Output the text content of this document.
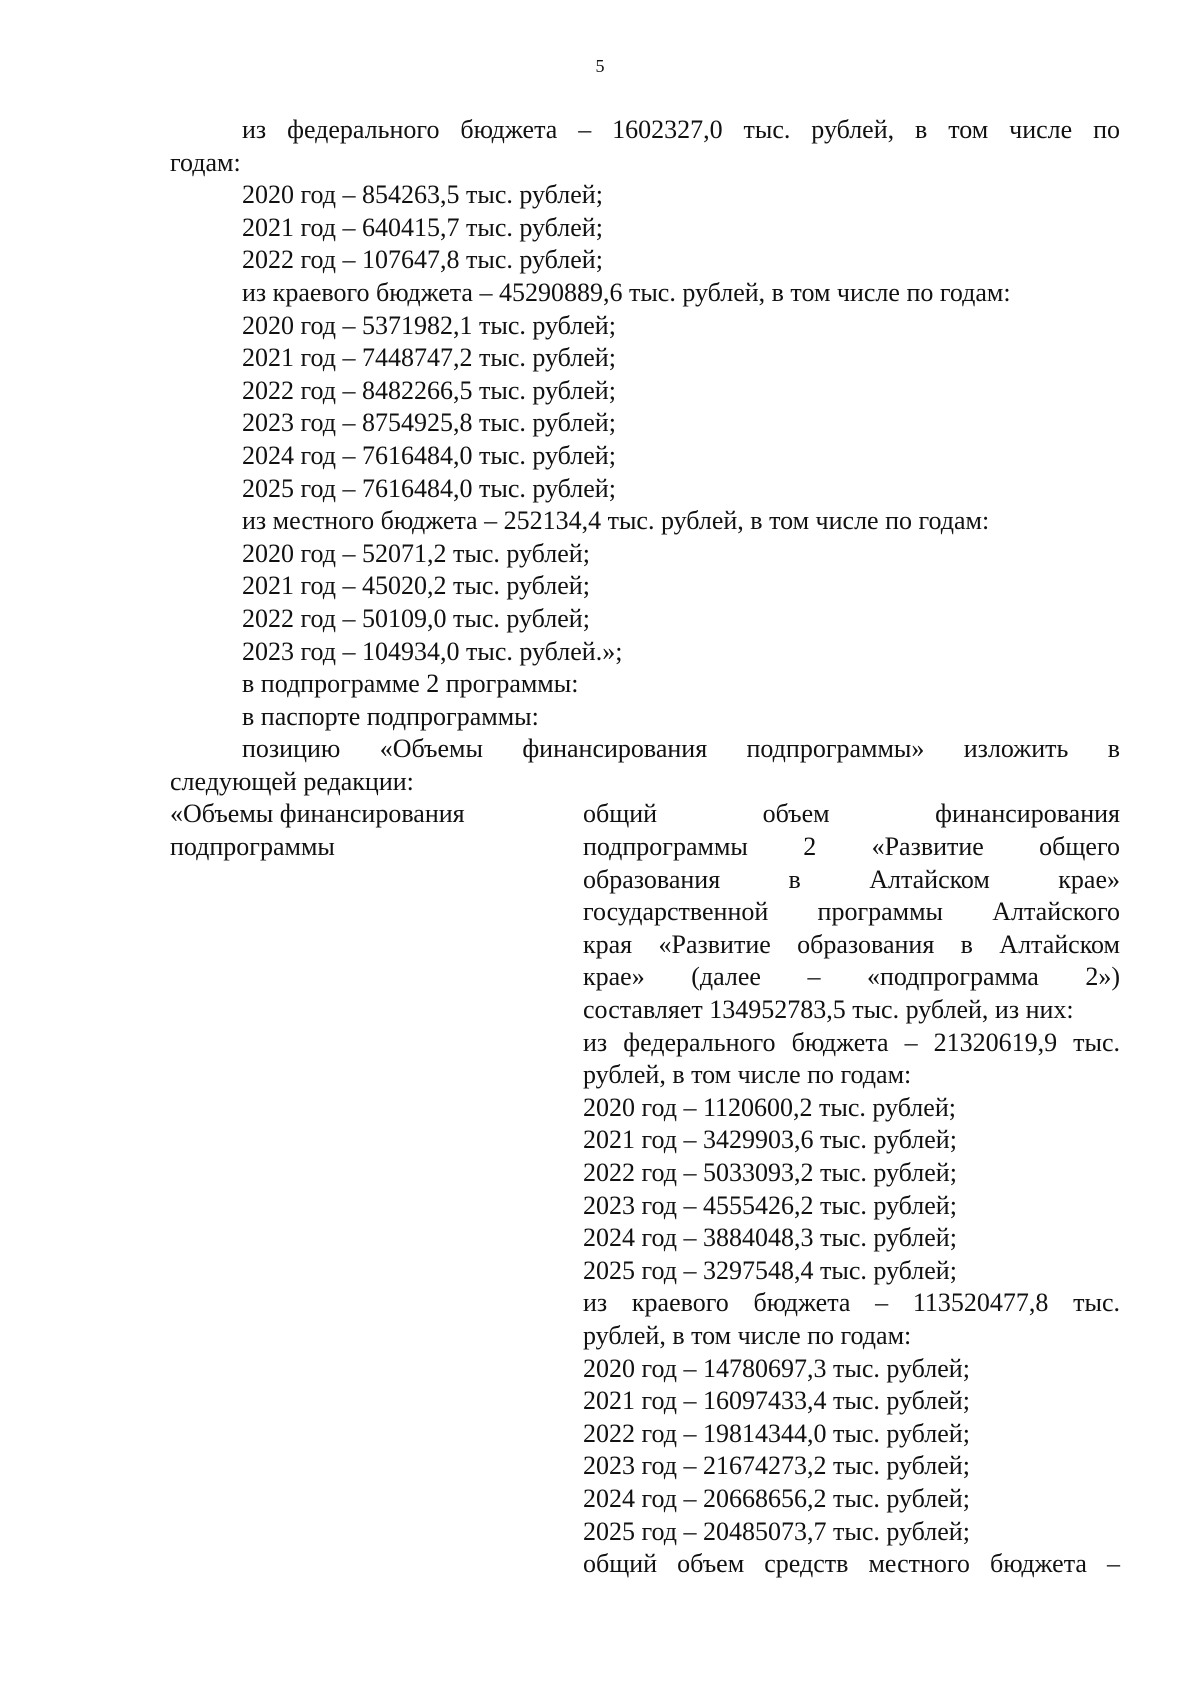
5
из федерального бюджета – 1602327,0 тыс. рублей, в том числе по
годам:
2020 год – 854263,5 тыс. рублей;
2021 год – 640415,7 тыс. рублей;
2022 год – 107647,8 тыс. рублей;
из краевого бюджета – 45290889,6 тыс. рублей, в том числе по годам:
2020 год – 5371982,1 тыс. рублей;
2021 год – 7448747,2 тыс. рублей;
2022 год – 8482266,5 тыс. рублей;
2023 год – 8754925,8 тыс. рублей;
2024 год – 7616484,0 тыс. рублей;
2025 год – 7616484,0 тыс. рублей;
из местного бюджета – 252134,4 тыс. рублей, в том числе по годам:
2020 год – 52071,2 тыс. рублей;
2021 год – 45020,2 тыс. рублей;
2022 год – 50109,0 тыс. рублей;
2023 год – 104934,0 тыс. рублей.»;
в подпрограмме 2 программы:
в паспорте подпрограммы:
позицию «Объемы финансирования подпрограммы» изложить в
следующей редакции:
«Объемы финансирования
подпрограммы
общий объем финансирования
подпрограммы 2 «Развитие общего
образования в Алтайском крае»
государственной программы Алтайского
края «Развитие образования в Алтайском
крае» (далее – «подпрограмма 2»)
составляет 134952783,5 тыс. рублей, из них:
из федерального бюджета – 21320619,9 тыс.
рублей, в том числе по годам:
2020 год – 1120600,2 тыс. рублей;
2021 год – 3429903,6 тыс. рублей;
2022 год – 5033093,2 тыс. рублей;
2023 год – 4555426,2 тыс. рублей;
2024 год – 3884048,3 тыс. рублей;
2025 год – 3297548,4 тыс. рублей;
из краевого бюджета – 113520477,8 тыс.
рублей, в том числе по годам:
2020 год – 14780697,3 тыс. рублей;
2021 год – 16097433,4 тыс. рублей;
2022 год – 19814344,0 тыс. рублей;
2023 год – 21674273,2 тыс. рублей;
2024 год – 20668656,2 тыс. рублей;
2025 год – 20485073,7 тыс. рублей;
общий объем средств местного бюджета –
